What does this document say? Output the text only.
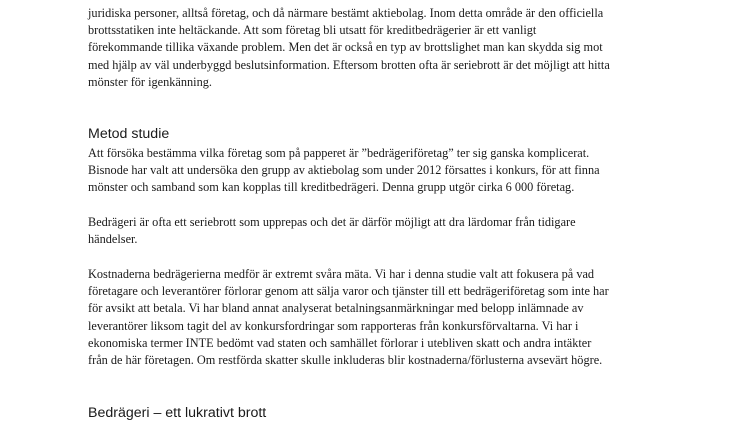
juridiska personer, alltså företag, och då närmare bestämt aktiebolag. Inom detta område är den officiella
brottsstatiken inte heltäckande. Att som företag bli utsatt för kreditbedrägerier är ett vanligt
förekommande tillika växande problem. Men det är också en typ av brottslighet man kan skydda sig mot
med hjälp av väl underbyggd beslutsinformation. Eftersom brotten ofta är seriebrott är det möjligt att hitta
mönster för igenkänning.

Metod studie

Att försöka bestämma vilka företag som på papperet är ”bedrägeriföretag” ter sig ganska komplicerat.
Bisnode har valt att undersöka den grupp av aktiebolag som under 2012 försattes i konkurs, för att finna
mönster och samband som kan kopplas till kreditbedrägeri. Denna grupp utgör cirka 6 000 företag.

Bedrägeri är ofta ett seriebrott som upprepas och det är därför möjligt att dra lärdomar från tidigare
händelser.

Kostnaderna bedrägerierna medför är extremt svåra mäta. Vi har i denna studie valt att fokusera på vad
företagare och leverantörer förlorar genom att sälja varor och tjänster till ett bedrägeriföretag som inte har
för avsikt att betala. Vi har bland annat analyserat betalningsanmärkningar med belopp inlämnade av
leverantörer liksom tagit del av konkursfordringar som rapporteras från konkursförvaltarna. Vi har i
ekonomiska termer INTE bedömt vad staten och samhället förlorar i utebliven skatt och andra intäkter
från de här företagen. Om restförda skatter skulle inkluderas blir kostnaderna/förlusterna avsevärt högre.

Bedrägeri – ett lukrativt brott
